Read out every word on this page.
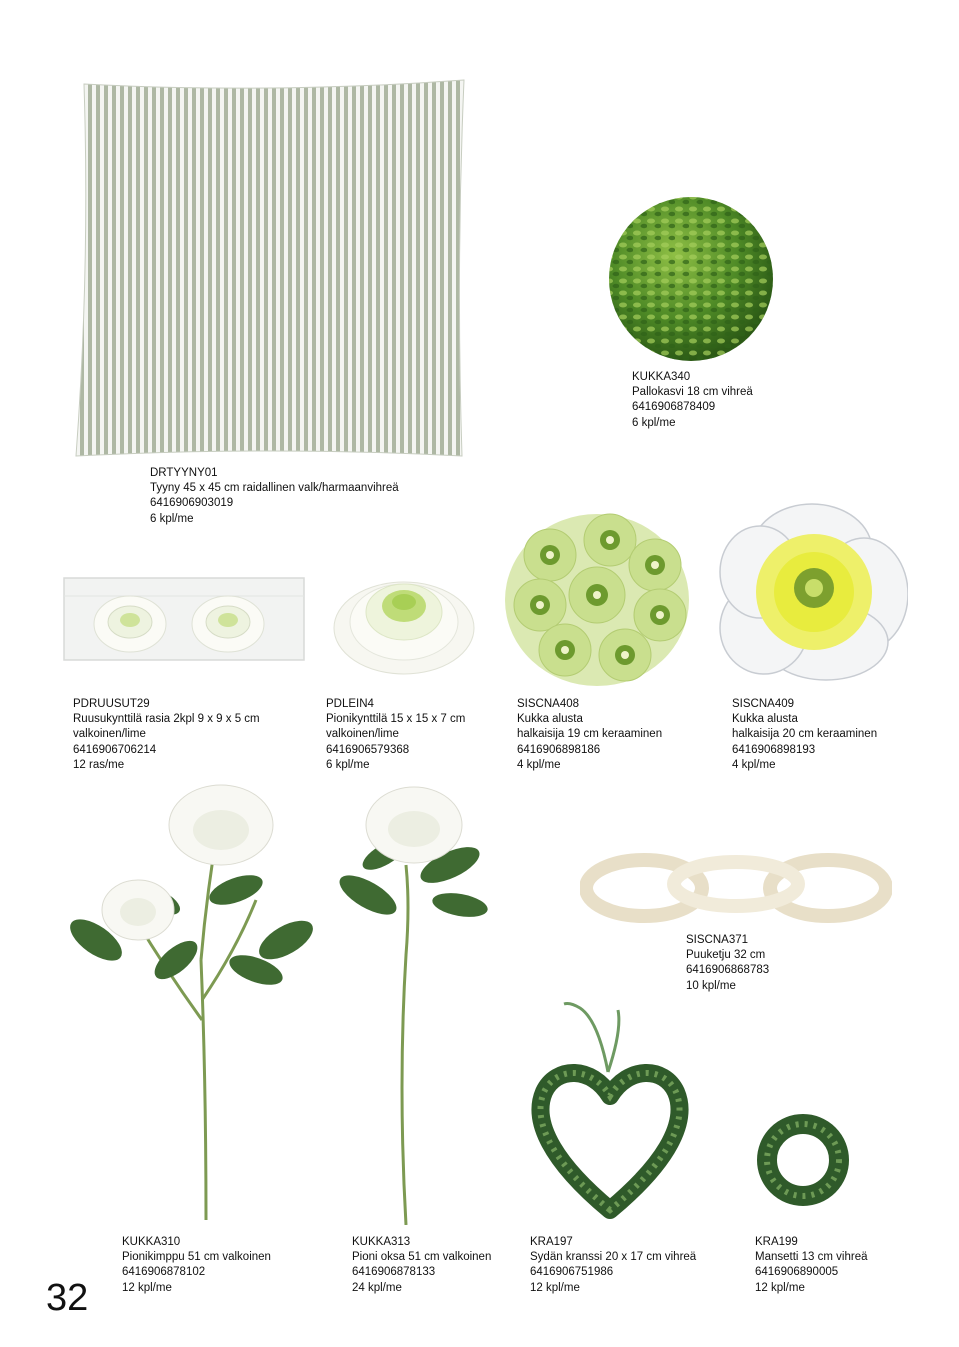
DRTYYNY01
Tyyny 45 x 45 cm raidallinen valk/harmaanvihreä
6416906903019
6 kpl/me
KUKKA340
Pallokasvi 18 cm vihreä
6416906878409
6 kpl/me
PDRUUSUT29
Ruusukynttilä rasia 2kpl 9 x 9 x 5 cm
valkoinen/lime
6416906706214
12 ras/me
PDLEIN4
Pionikynttilä 15 x 15 x 7 cm
valkoinen/lime
6416906579368
6 kpl/me
SISCNA408
Kukka alusta
halkaisija 19 cm keraaminen
6416906898186
4 kpl/me
SISCNA409
Kukka alusta
halkaisija 20 cm keraaminen
6416906898193
4 kpl/me
SISCNA371
Puuketju 32 cm
6416906868783
10 kpl/me
KUKKA310
Pionikimppu 51 cm valkoinen
6416906878102
12 kpl/me
KUKKA313
Pioni oksa 51 cm valkoinen
6416906878133
24 kpl/me
KRA197
Sydän kranssi 20 x 17 cm vihreä
6416906751986
12 kpl/me
KRA199
Mansetti 13 cm vihreä
6416906890005
12 kpl/me
32
